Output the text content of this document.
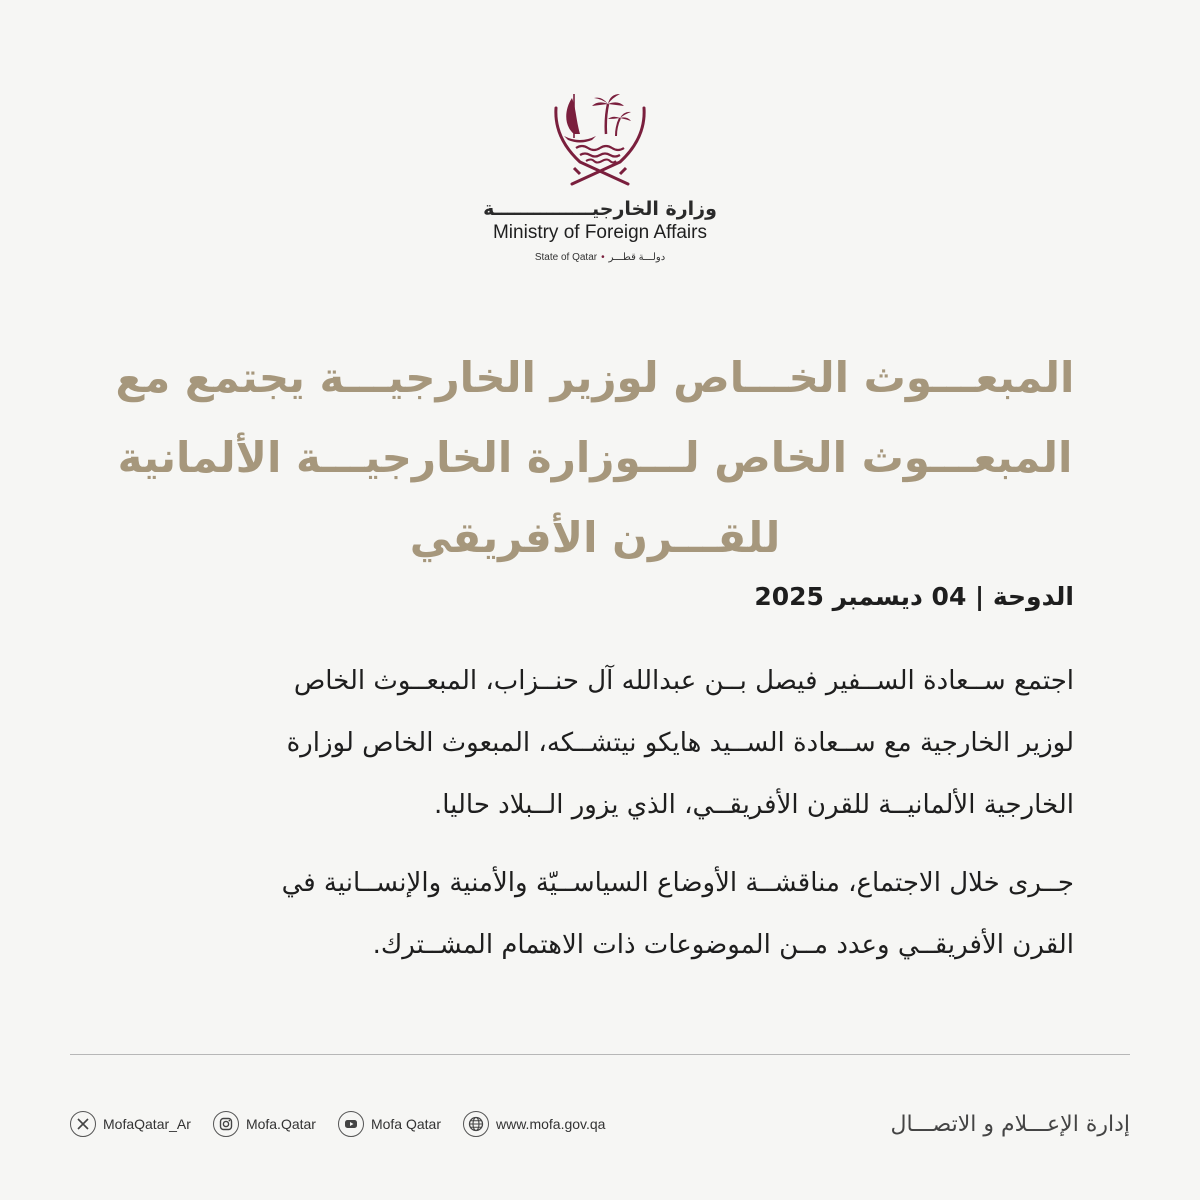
وزارة الخارجيـــــــــــــــة
Ministry of Foreign Affairs
State of Qatar • دولـــة قطـــر
المبعـــوث الخـــاص لوزير الخارجيـــة يجتمع مع
المبعـــوث الخاص لـــوزارة الخارجيـــة الألمانية
للقـــرن الأفريقي
الدوحة | 04 ديسمبر 2025
اجتمع ســعادة الســفير فيصل بــن عبدالله آل حنــزاب، المبعــوث الخاص
لوزير الخارجية مع ســعادة الســيد هايكو نيتشــكه، المبعوث الخاص لوزارة
الخارجية الألمانيــة للقرن الأفريقــي، الذي يزور الــبلاد حاليا.
جــرى خلال الاجتماع، مناقشــة الأوضاع السياســيّة والأمنية والإنســانية في
القرن الأفريقــي وعدد مــن الموضوعات ذات الاهتمام المشــترك.
MofaQatar_Ar	Mofa.Qatar	Mofa Qatar	www.mofa.gov.qa	إدارة الإعـــلام و الاتصـــال
